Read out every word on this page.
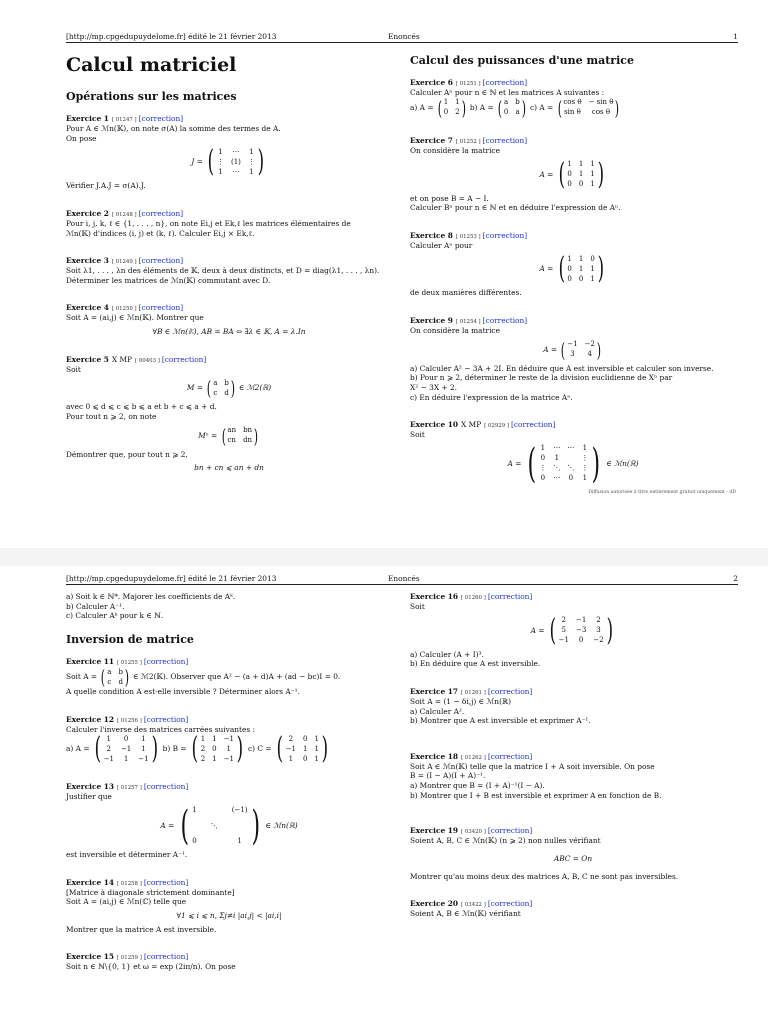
[http://mp.cpgedupuydelome.fr] édité le 21 février 2013	Enoncés	1
Calcul matriciel
Opérations sur les matrices
Exercice 1 [ 01247 ] [correction]
Pour A ∈ ℳn(𝕂), on note σ(A) la somme des termes de A.
On pose
J = ( 1 ⋯ 1
⋮ (1) ⋮
1 ⋯ 1 )
Vérifier J.A.J = σ(A).J.
Exercice 2 [ 01248 ] [correction]
Pour i, j, k, ℓ ∈ {1, . . . , n}, on note Ei,j et Ek,ℓ les matrices élémentaires de
ℳn(𝕂) d'indices (i, j) et (k, ℓ). Calculer Ei,j × Ek,ℓ.
Exercice 3 [ 01249 ] [correction]
Soit λ1, . . . , λn des éléments de 𝕂, deux à deux distincts, et D = diag(λ1, . . . , λn).
Déterminer les matrices de ℳn(𝕂) commutant avec D.
Exercice 4 [ 01250 ] [correction]
Soit A = (ai,j) ∈ ℳn(𝕂). Montrer que
∀B ∈ ℳn(𝕂), AB = BA ⇔ ∃λ ∈ 𝕂, A = λ.In
Exercice 5 X MP [ 00403 ] [correction]
Soit
M = ( a b
c d ) ∈ ℳ2(ℝ)
avec 0 ⩽ d ⩽ c ⩽ b ⩽ a et b + c ⩽ a + d.
Pour tout n ⩾ 2, on note
Mⁿ = ( an bn
cn dn )
Démontrer que, pour tout n ⩾ 2,
bn + cn ⩽ an + dn
Calcul des puissances d'une matrice
Exercice 6 [ 01251 ] [correction]
Calculer Aⁿ pour n ∈ ℕ et les matrices A suivantes :
a) A = ( 1 1
0 2 ) b) A = ( a b
0 a ) c) A = ( cos θ − sin θ
sin θ	cos θ )
Exercice 7 [ 01252 ] [correction]
On considère la matrice
A = ( 1 1 1
0 1 1
0 0 1 )
et on pose B = A − I.
Calculer Bⁿ pour n ∈ ℕ et en déduire l'expression de Aⁿ.
Exercice 8 [ 01253 ] [correction]
Calculer Aⁿ pour
A = ( 1 1 0
0 1 1
0 0 1 )
de deux manières différentes.
Exercice 9 [ 01254 ] [correction]
On considère la matrice
A = ( −1 −2
3	4 )
a) Calculer A² − 3A + 2I. En déduire que A est inversible et calculer son inverse.
b) Pour n ⩾ 2, déterminer le reste de la division euclidienne de Xⁿ par
X² − 3X + 2.
c) En déduire l'expression de la matrice Aⁿ.
Exercice 10 X MP [ 02929 ] [correction]
Soit
A = ( 1 ⋯ ⋯ 1
0 1	⋮
⋮ ⋱ ⋱ ⋮
0 ⋯ 0 1 ) ∈ ℳn(ℝ)
Diffusion autorisée à titre entièrement gratuit uniquement - dD
[http://mp.cpgedupuydelome.fr] édité le 21 février 2013	Enoncés	2
a) Soit k ∈ ℕ*. Majorer les coefficients de Aᵏ.
b) Calculer A⁻¹.
c) Calculer Aᵏ pour k ∈ ℕ.
Inversion de matrice
Exercice 11 [ 01255 ] [correction]
Soit A = ( a b
c d ) ∈ ℳ2(𝕂). Observer que A² − (a + d)A + (ad − bc)I = 0.
A quelle condition A est-elle inversible ? Déterminer alors A⁻¹.
Exercice 12 [ 01256 ] [correction]
Calculer l'inverse des matrices carrées suivantes :
a) A = ( 1	0	1
2	−1	1
−1	1	−1 ) b) B = ( 1 1 −1
2 0	1
2 1 −1 ) c) C = ( 2	0 1
−1 1 1
1	0 1 )
Exercice 13 [ 01257 ] [correction]
Justifier que
A = ( 1	(−1)
⋱
0	1 ) ∈ ℳn(ℝ)
est inversible et déterminer A⁻¹.
Exercice 14 [ 01258 ] [correction]
[Matrice à diagonale strictement dominante]
Soit A = (ai,j) ∈ ℳn(ℂ) telle que
∀1 ⩽ i ⩽ n, Σj≠i |ai,j| < |ai,i|
Montrer que la matrice A est inversible.
Exercice 15 [ 01259 ] [correction]
Soit n ∈ ℕ\{0, 1} et ω = exp (2iπ/n). On pose
Exercice 16 [ 01260 ] [correction]
Soit
A = ( 2	−1	2
5	−3	3
−1	0	−2 )
a) Calculer (A + I)³.
b) En déduire que A est inversible.
Exercice 17 [ 01261 ] [correction]
Soit A = (1 − δi,j) ∈ ℳn(ℝ)
a) Calculer A².
b) Montrer que A est inversible et exprimer A⁻¹.
Exercice 18 [ 01262 ] [correction]
Soit A ∈ ℳn(𝕂) telle que la matrice I + A soit inversible. On pose
B = (I − A)(I + A)⁻¹.
a) Montrer que B = (I + A)⁻¹(I − A).
b) Montrer que I + B est inversible et exprimer A en fonction de B.
Exercice 19 [ 03420 ] [correction]
Soient A, B, C ∈ ℳn(𝕂) (n ⩾ 2) non nulles vérifiant
ABC = On
Montrer qu'au moins deux des matrices A, B, C ne sont pas inversibles.
Exercice 20 [ 03422 ] [correction]
Soient A, B ∈ ℳn(𝕂) vérifiant
